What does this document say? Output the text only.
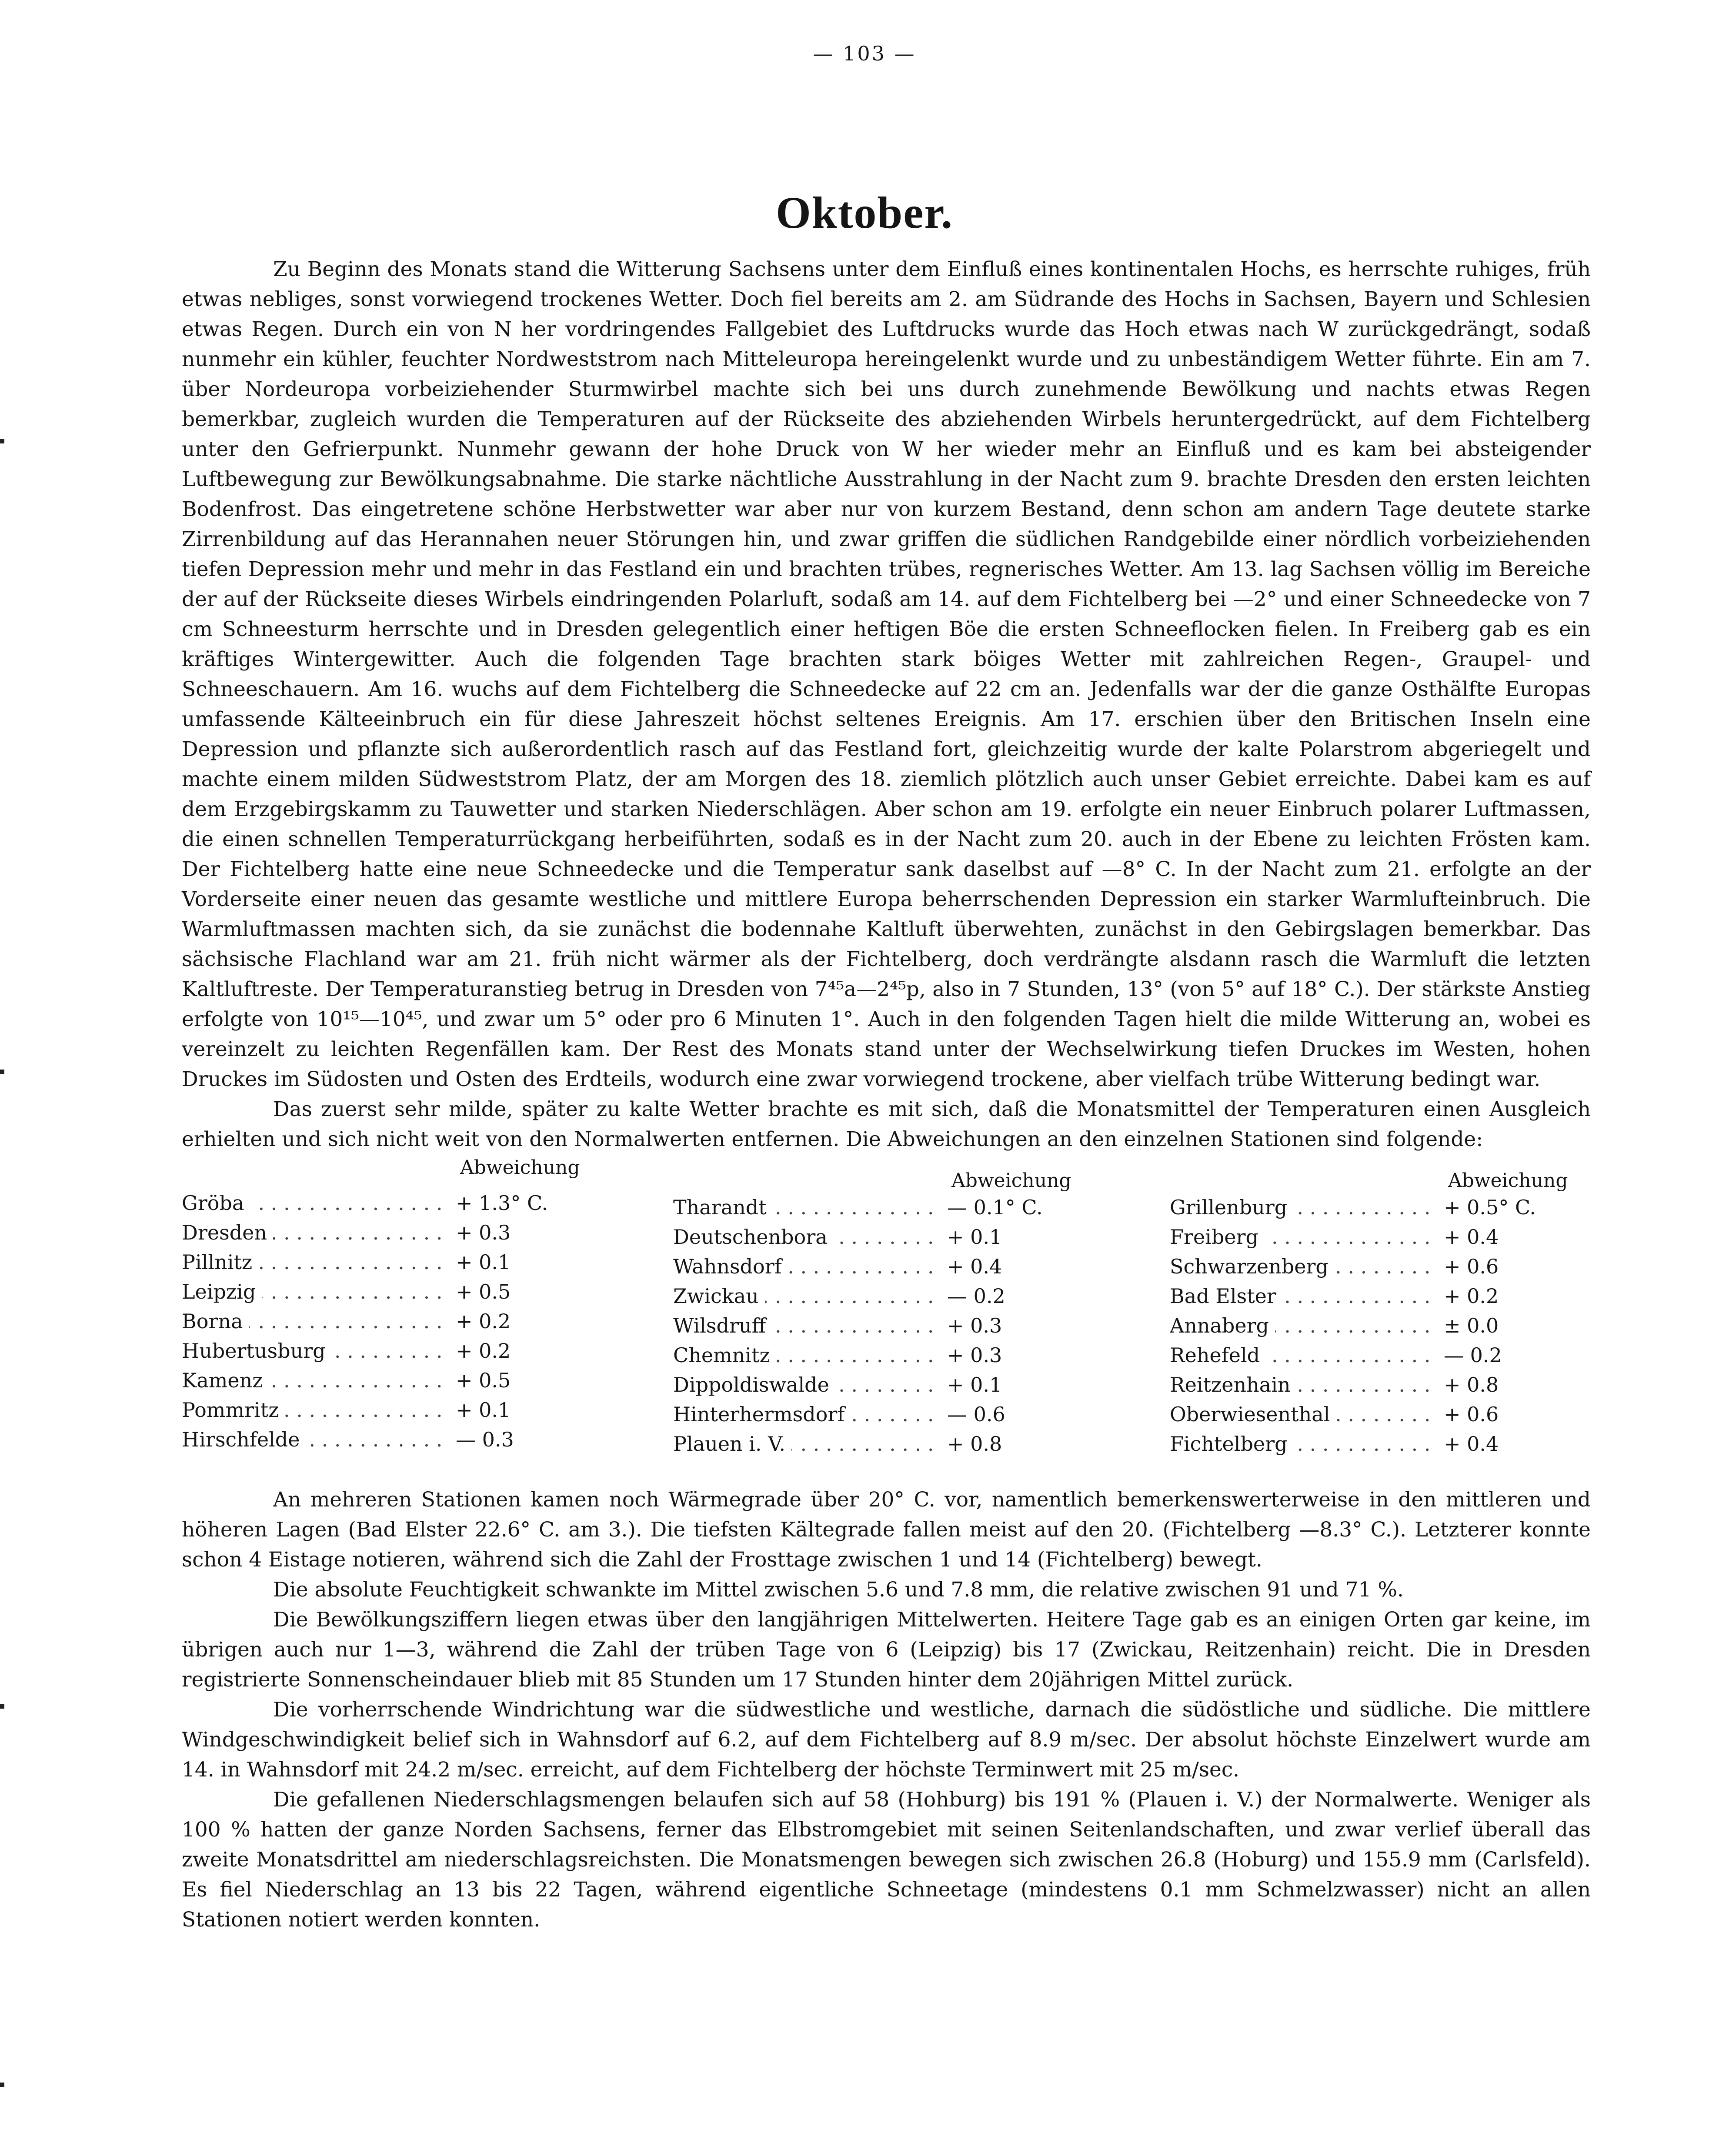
— 103 —
Oktober.

Zu Beginn des Monats stand die Witterung Sachsens unter dem Einfluß eines kontinentalen Hochs, es herrschte ruhiges, früh etwas nebliges, sonst vorwiegend trockenes Wetter. Doch fiel bereits am 2. am Südrande des Hochs in Sachsen, Bayern und Schlesien etwas Regen. Durch ein von N her vordringendes Fallgebiet des Luftdrucks wurde das Hoch etwas nach W zurückgedrängt, sodaß nunmehr ein kühler, feuchter Nordweststrom nach Mitteleuropa hereingelenkt wurde und zu unbeständigem Wetter führte. Ein am 7. über Nordeuropa vorbeiziehender Sturmwirbel machte sich bei uns durch zunehmende Bewölkung und nachts etwas Regen bemerkbar, zugleich wurden die Temperaturen auf der Rückseite des abziehenden Wirbels heruntergedrückt, auf dem Fichtelberg unter den Gefrierpunkt. Nunmehr gewann der hohe Druck von W her wieder mehr an Einfluß und es kam bei absteigender Luftbewegung zur Bewölkungsabnahme. Die starke nächtliche Ausstrahlung in der Nacht zum 9. brachte Dresden den ersten leichten Bodenfrost. Das eingetretene schöne Herbstwetter war aber nur von kurzem Bestand, denn schon am andern Tage deutete starke Zirrenbildung auf das Herannahen neuer Störungen hin, und zwar griffen die südlichen Randgebilde einer nördlich vorbeiziehenden tiefen Depression mehr und mehr in das Festland ein und brachten trübes, regnerisches Wetter. Am 13. lag Sachsen völlig im Bereiche der auf der Rückseite dieses Wirbels eindringenden Polarluft, sodaß am 14. auf dem Fichtelberg bei —2° und einer Schneedecke von 7 cm Schneesturm herrschte und in Dresden gelegentlich einer heftigen Böe die ersten Schneeflocken fielen. In Freiberg gab es ein kräftiges Wintergewitter. Auch die folgenden Tage brachten stark böiges Wetter mit zahlreichen Regen-, Graupel- und Schneeschauern. Am 16. wuchs auf dem Fichtelberg die Schneedecke auf 22 cm an. Jedenfalls war der die ganze Osthälfte Europas umfassende Kälteeinbruch ein für diese Jahreszeit höchst seltenes Ereignis. Am 17. erschien über den Britischen Inseln eine Depression und pflanzte sich außerordentlich rasch auf das Festland fort, gleichzeitig wurde der kalte Polarstrom abgeriegelt und machte einem milden Südweststrom Platz, der am Morgen des 18. ziemlich plötzlich auch unser Gebiet erreichte. Dabei kam es auf dem Erzgebirgskamm zu Tauwetter und starken Niederschlägen. Aber schon am 19. erfolgte ein neuer Einbruch polarer Luftmassen, die einen schnellen Temperaturrückgang herbeiführten, sodaß es in der Nacht zum 20. auch in der Ebene zu leichten Frösten kam. Der Fichtelberg hatte eine neue Schneedecke und die Temperatur sank daselbst auf —8° C. In der Nacht zum 21. erfolgte an der Vorderseite einer neuen das gesamte westliche und mittlere Europa beherrschenden Depression ein starker Warmlufteinbruch. Die Warmluftmassen machten sich, da sie zunächst die bodennahe Kaltluft überwehten, zunächst in den Gebirgslagen bemerkbar. Das sächsische Flachland war am 21. früh nicht wärmer als der Fichtelberg, doch verdrängte alsdann rasch die Warmluft die letzten Kaltluftreste. Der Temperaturanstieg betrug in Dresden von 7⁴⁵a—2⁴⁵p, also in 7 Stunden, 13° (von 5° auf 18° C.). Der stärkste Anstieg erfolgte von 10¹⁵—10⁴⁵, und zwar um 5° oder pro 6 Minuten 1°. Auch in den folgenden Tagen hielt die milde Witterung an, wobei es vereinzelt zu leichten Regenfällen kam. Der Rest des Monats stand unter der Wechselwirkung tiefen Druckes im Westen, hohen Druckes im Südosten und Osten des Erdteils, wodurch eine zwar vorwiegend trockene, aber vielfach trübe Witterung bedingt war.

Das zuerst sehr milde, später zu kalte Wetter brachte es mit sich, daß die Monatsmittel der Temperaturen einen Ausgleich erhielten und sich nicht weit von den Normalwerten entfernen. Die Abweichungen an den einzelnen Stationen sind folgende:

Abweichung
Gröba . . .	+ 1.3° C.
Dresden . . .	+ 0.3
Pillnitz . . .	+ 0.1
Leipzig . . .	+ 0.5
Borna . . .	+ 0.2
Hubertusburg . . .	+ 0.2
Kamenz . . .	+ 0.5
Pommritz . . .	+ 0.1
Hirschfelde . . .	— 0.3
Abweichung
Tharandt . . .	— 0.1° C.
Deutschenbora . . .	+ 0.1
Wahnsdorf . . .	+ 0.4
Zwickau . . .	— 0.2
Wilsdruff . . .	+ 0.3
Chemnitz . . .	+ 0.3
Dippoldiswalde . . .	+ 0.1
Hinterhermsdorf . . .	— 0.6
Plauen i. V. . . .	+ 0.8
Abweichung
Grillenburg . . .	+ 0.5° C.
Freiberg . . .	+ 0.4
Schwarzenberg . . .	+ 0.6
Bad Elster . . .	+ 0.2
Annaberg . . .	± 0.0
Rehefeld . . .	— 0.2
Reitzenhain . . .	+ 0.8
Oberwiesenthal . . .	+ 0.6
Fichtelberg . . .	+ 0.4

An mehreren Stationen kamen noch Wärmegrade über 20° C. vor, namentlich bemerkenswerterweise in den mittleren und höheren Lagen (Bad Elster 22.6° C. am 3.). Die tiefsten Kältegrade fallen meist auf den 20. (Fichtelberg —8.3° C.). Letzterer konnte schon 4 Eistage notieren, während sich die Zahl der Frosttage zwischen 1 und 14 (Fichtelberg) bewegt.

Die absolute Feuchtigkeit schwankte im Mittel zwischen 5.6 und 7.8 mm, die relative zwischen 91 und 71 %.

Die Bewölkungsziffern liegen etwas über den langjährigen Mittelwerten. Heitere Tage gab es an einigen Orten gar keine, im übrigen auch nur 1—3, während die Zahl der trüben Tage von 6 (Leipzig) bis 17 (Zwickau, Reitzenhain) reicht. Die in Dresden registrierte Sonnenscheindauer blieb mit 85 Stunden um 17 Stunden hinter dem 20jährigen Mittel zurück.

Die vorherrschende Windrichtung war die südwestliche und westliche, darnach die südöstliche und südliche. Die mittlere Windgeschwindigkeit belief sich in Wahnsdorf auf 6.2, auf dem Fichtelberg auf 8.9 m/sec. Der absolut höchste Einzelwert wurde am 14. in Wahnsdorf mit 24.2 m/sec. erreicht, auf dem Fichtelberg der höchste Terminwert mit 25 m/sec.

Die gefallenen Niederschlagsmengen belaufen sich auf 58 (Hohburg) bis 191 % (Plauen i. V.) der Normalwerte. Weniger als 100 % hatten der ganze Norden Sachsens, ferner das Elbstromgebiet mit seinen Seitenlandschaften, und zwar verlief überall das zweite Monatsdrittel am niederschlagsreichsten. Die Monatsmengen bewegen sich zwischen 26.8 (Hoburg) und 155.9 mm (Carlsfeld). Es fiel Niederschlag an 13 bis 22 Tagen, während eigentliche Schneetage (mindestens 0.1 mm Schmelzwasser) nicht an allen Stationen notiert werden konnten.
